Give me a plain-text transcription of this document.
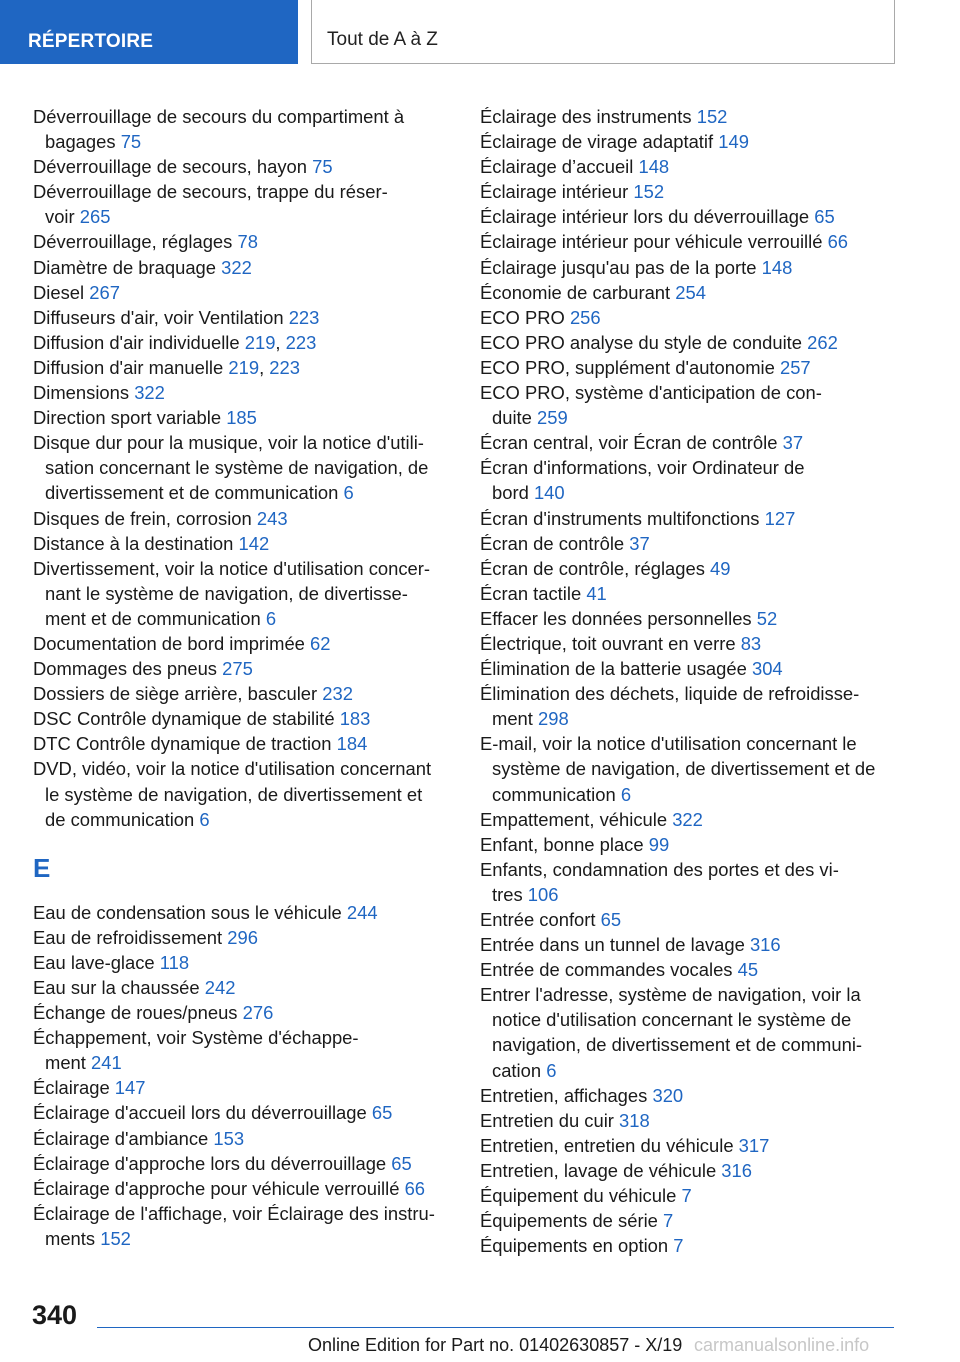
RÉPERTOIRE	Tout de A à Z
Déverrouillage de secours du compartiment à
bagages 75
Déverrouillage de secours, hayon 75
Déverrouillage de secours, trappe du réser-
voir 265
Déverrouillage, réglages 78
Diamètre de braquage 322
Diesel 267
Diffuseurs d'air, voir Ventilation 223
Diffusion d'air individuelle 219, 223
Diffusion d'air manuelle 219, 223
Dimensions 322
Direction sport variable 185
Disque dur pour la musique, voir la notice d'utili-
sation concernant le système de navigation, de
divertissement et de communication 6
Disques de frein, corrosion 243
Distance à la destination 142
Divertissement, voir la notice d'utilisation concer-
nant le système de navigation, de divertisse-
ment et de communication 6
Documentation de bord imprimée 62
Dommages des pneus 275
Dossiers de siège arrière, basculer 232
DSC Contrôle dynamique de stabilité 183
DTC Contrôle dynamique de traction 184
DVD, vidéo, voir la notice d'utilisation concernant
le système de navigation, de divertissement et
de communication 6
E
Eau de condensation sous le véhicule 244
Eau de refroidissement 296
Eau lave-glace 118
Eau sur la chaussée 242
Échange de roues/pneus 276
Échappement, voir Système d'échappe-
ment 241
Éclairage 147
Éclairage d'accueil lors du déverrouillage 65
Éclairage d'ambiance 153
Éclairage d'approche lors du déverrouillage 65
Éclairage d'approche pour véhicule verrouillé 66
Éclairage de l'affichage, voir Éclairage des instru-
ments 152
Éclairage des instruments 152
Éclairage de virage adaptatif 149
Éclairage d’accueil 148
Éclairage intérieur 152
Éclairage intérieur lors du déverrouillage 65
Éclairage intérieur pour véhicule verrouillé 66
Éclairage jusqu'au pas de la porte 148
Économie de carburant 254
ECO PRO 256
ECO PRO analyse du style de conduite 262
ECO PRO, supplément d'autonomie 257
ECO PRO, système d'anticipation de con-
duite 259
Écran central, voir Écran de contrôle 37
Écran d'informations, voir Ordinateur de
bord 140
Écran d'instruments multifonctions 127
Écran de contrôle 37
Écran de contrôle, réglages 49
Écran tactile 41
Effacer les données personnelles 52
Électrique, toit ouvrant en verre 83
Élimination de la batterie usagée 304
Élimination des déchets, liquide de refroidisse-
ment 298
E-mail, voir la notice d'utilisation concernant le
système de navigation, de divertissement et de
communication 6
Empattement, véhicule 322
Enfant, bonne place 99
Enfants, condamnation des portes et des vi-
tres 106
Entrée confort 65
Entrée dans un tunnel de lavage 316
Entrée de commandes vocales 45
Entrer l'adresse, système de navigation, voir la
notice d'utilisation concernant le système de
navigation, de divertissement et de communi-
cation 6
Entretien, affichages 320
Entretien du cuir 318
Entretien, entretien du véhicule 317
Entretien, lavage de véhicule 316
Équipement du véhicule 7
Équipements de série 7
Équipements en option 7
340
Online Edition for Part no. 01402630857 - X/19 carmanualsonline.info
